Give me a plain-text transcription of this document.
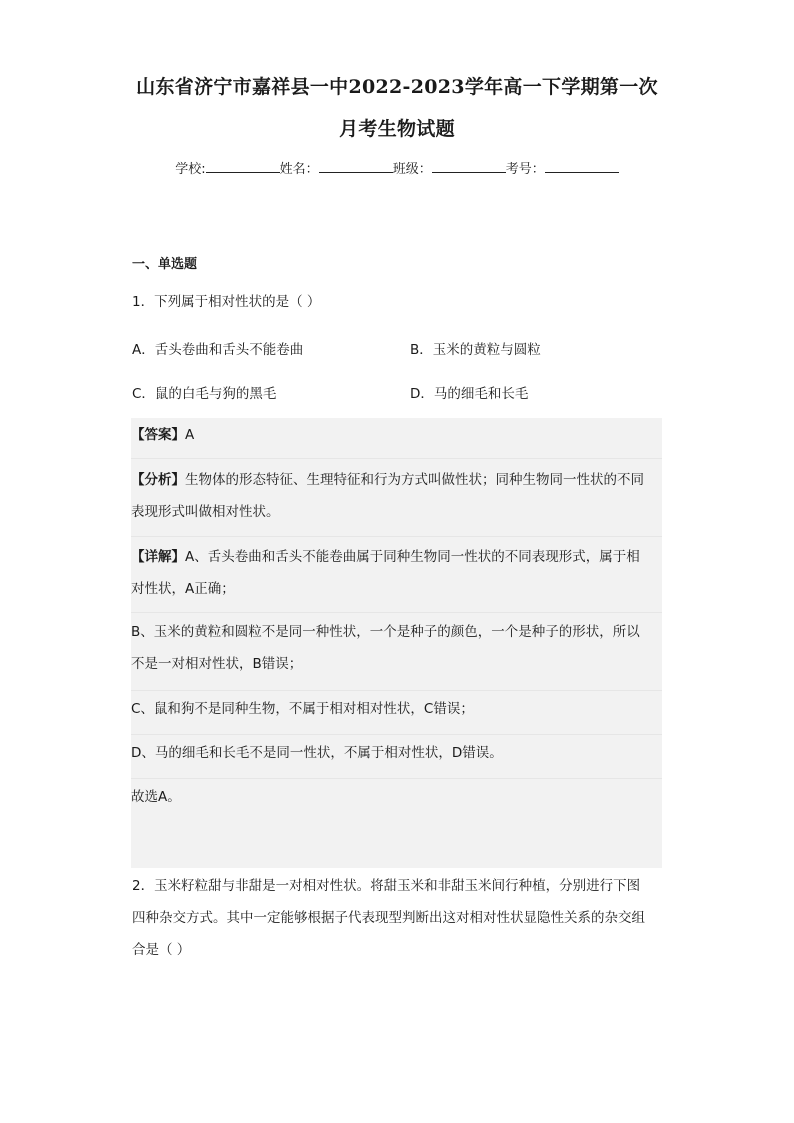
山东省济宁市嘉祥县一中2022-2023学年高一下学期第一次
月考生物试题
学校:	姓名：	班级：	考号：
一、单选题
1．下列属于相对性状的是（ ）
A．舌头卷曲和舌头不能卷曲	B．玉米的黄粒与圆粒
C．鼠的白毛与狗的黑毛	D．马的细毛和长毛
【答案】A
【分析】生物体的形态特征、生理特征和行为方式叫做性状；同种生物同一性状的不同
表现形式叫做相对性状。
【详解】A、舌头卷曲和舌头不能卷曲属于同种生物同一性状的不同表现形式，属于相
对性状，A正确；
B、玉米的黄粒和圆粒不是同一种性状，一个是种子的颜色，一个是种子的形状，所以
不是一对相对性状，B错误；
C、鼠和狗不是同种生物，不属于相对相对性状，C错误；
D、马的细毛和长毛不是同一性状，不属于相对性状，D错误。
故选A。
2．玉米籽粒甜与非甜是一对相对性状。将甜玉米和非甜玉米间行种植，分别进行下图
四种杂交方式。其中一定能够根据子代表现型判断出这对相对性状显隐性关系的杂交组
合是（ ）
